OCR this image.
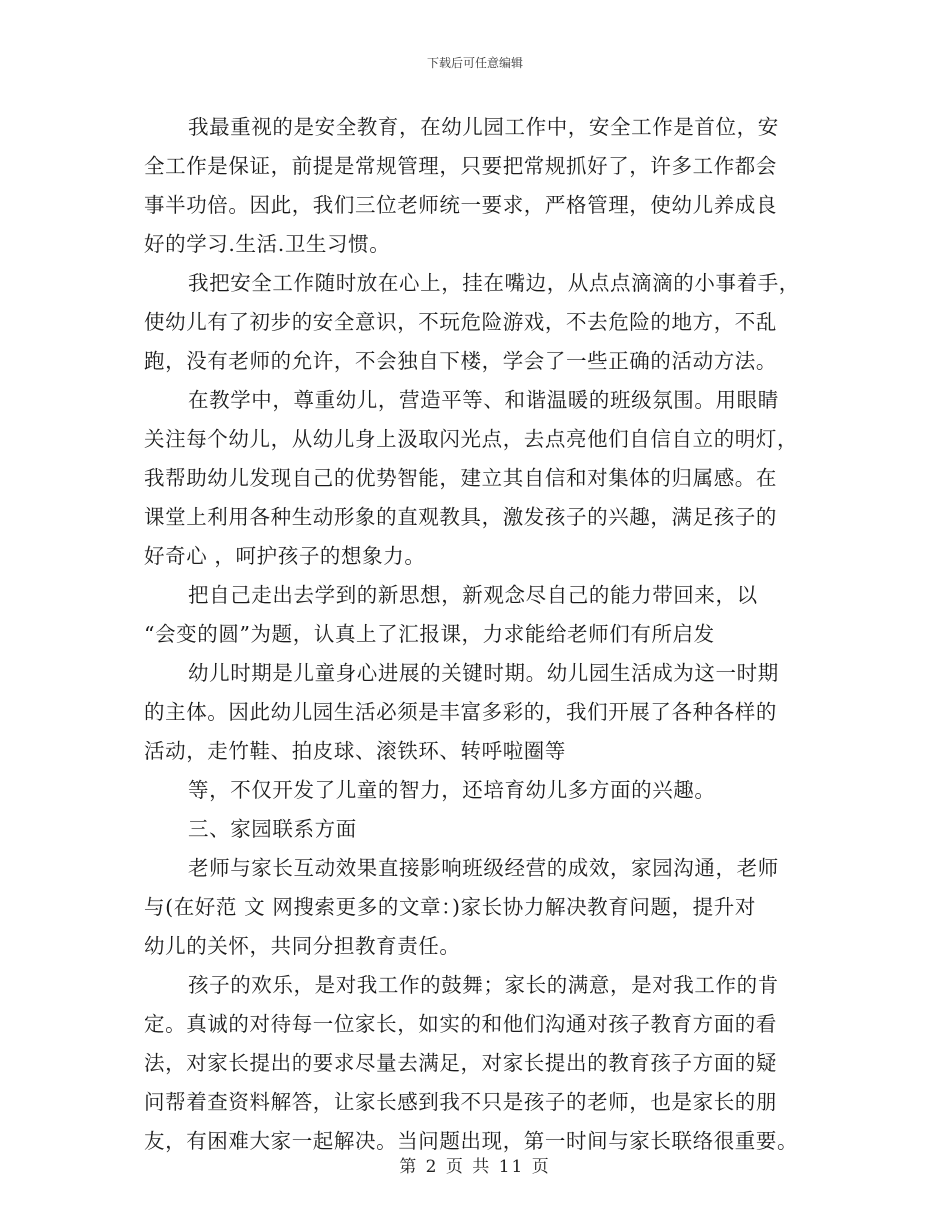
下载后可任意编辑
我最重视的是安全教育，在幼儿园工作中，安全工作是首位，安
全工作是保证，前提是常规管理，只要把常规抓好了，许多工作都会
事半功倍。因此，我们三位老师统一要求，严格管理，使幼儿养成良
好的学习.生活.卫生习惯。
我把安全工作随时放在心上，挂在嘴边，从点点滴滴的小事着手，
使幼儿有了初步的安全意识，不玩危险游戏，不去危险的地方，不乱
跑，没有老师的允许，不会独自下楼，学会了一些正确的活动方法。
在教学中，尊重幼儿，营造平等、和谐温暖的班级氛围。用眼睛
关注每个幼儿，从幼儿身上汲取闪光点，去点亮他们自信自立的明灯，
我帮助幼儿发现自己的优势智能，建立其自信和对集体的归属感。在
课堂上利用各种生动形象的直观教具，激发孩子的兴趣，满足孩子的
好奇心 ，呵护孩子的想象力。
把自己走出去学到的新思想，新观念尽自己的能力带回来，以
“会变的圆”为题，认真上了汇报课，力求能给老师们有所启发
幼儿时期是儿童身心进展的关键时期。幼儿园生活成为这一时期
的主体。因此幼儿园生活必须是丰富多彩的，我们开展了各种各样的
活动，走竹鞋、拍皮球、滚铁环、转呼啦圈等
等，不仅开发了儿童的智力，还培育幼儿多方面的兴趣。
三、家园联系方面
老师与家长互动效果直接影响班级经营的成效，家园沟通，老师
与(在好范 文 网搜索更多的文章：)家长协力解决教育问题，提升对
幼儿的关怀，共同分担教育责任。
孩子的欢乐，是对我工作的鼓舞；家长的满意，是对我工作的肯
定。真诚的对待每一位家长，如实的和他们沟通对孩子教育方面的看
法，对家长提出的要求尽量去满足，对家长提出的教育孩子方面的疑
问帮着查资料解答，让家长感到我不只是孩子的老师，也是家长的朋
友，有困难大家一起解决。当问题出现，第一时间与家长联络很重要。
第 2 页 共 11 页
